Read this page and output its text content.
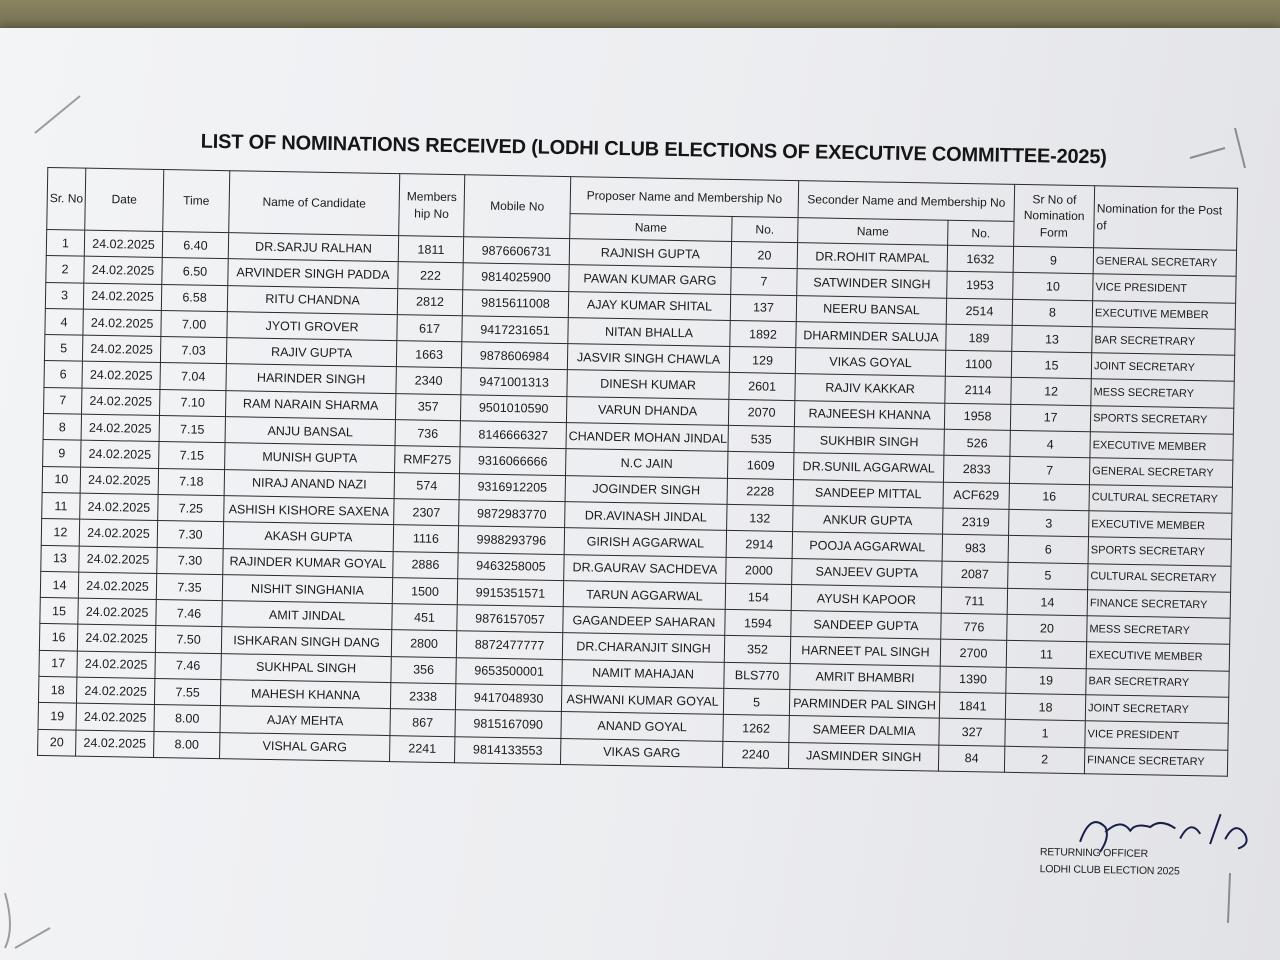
LIST OF NOMINATIONS RECEIVED (LODHI CLUB ELECTIONS OF EXECUTIVE COMMITTEE-2025)
Sr. No	Date	Time	Name of Candidate	Members hip No	Mobile No	Proposer Name and Membership No		Seconder Name and Membership No		Sr No of Nomination Form	Nomination for the Post of
						Name	No.	Name	No.		
1	24.02.2025	6.40	DR.SARJU RALHAN	1811	9876606731	RAJNISH GUPTA	20	DR.ROHIT RAMPAL	1632	9	GENERAL SECRETARY
2	24.02.2025	6.50	ARVINDER SINGH PADDA	222	9814025900	PAWAN KUMAR GARG	7	SATWINDER SINGH	1953	10	VICE PRESIDENT
3	24.02.2025	6.58	RITU CHANDNA	2812	9815611008	AJAY KUMAR SHITAL	137	NEERU BANSAL	2514	8	EXECUTIVE MEMBER
4	24.02.2025	7.00	JYOTI GROVER	617	9417231651	NITAN BHALLA	1892	DHARMINDER SALUJA	189	13	BAR SECRETRARY
5	24.02.2025	7.03	RAJIV GUPTA	1663	9878606984	JASVIR SINGH CHAWLA	129	VIKAS GOYAL	1100	15	JOINT SECRETARY
6	24.02.2025	7.04	HARINDER SINGH	2340	9471001313	DINESH KUMAR	2601	RAJIV KAKKAR	2114	12	MESS SECRETARY
7	24.02.2025	7.10	RAM NARAIN SHARMA	357	9501010590	VARUN DHANDA	2070	RAJNEESH KHANNA	1958	17	SPORTS SECRETARY
8	24.02.2025	7.15	ANJU BANSAL	736	8146666327	CHANDER MOHAN JINDAL	535	SUKHBIR SINGH	526	4	EXECUTIVE MEMBER
9	24.02.2025	7.15	MUNISH GUPTA	RMF275	9316066666	N.C JAIN	1609	DR.SUNIL AGGARWAL	2833	7	GENERAL SECRETARY
10	24.02.2025	7.18	NIRAJ ANAND NAZI	574	9316912205	JOGINDER SINGH	2228	SANDEEP MITTAL	ACF629	16	CULTURAL SECRETARY
11	24.02.2025	7.25	ASHISH KISHORE SAXENA	2307	9872983770	DR.AVINASH JINDAL	132	ANKUR GUPTA	2319	3	EXECUTIVE MEMBER
12	24.02.2025	7.30	AKASH GUPTA	1116	9988293796	GIRISH AGGARWAL	2914	POOJA AGGARWAL	983	6	SPORTS SECRETARY
13	24.02.2025	7.30	RAJINDER KUMAR GOYAL	2886	9463258005	DR.GAURAV SACHDEVA	2000	SANJEEV GUPTA	2087	5	CULTURAL SECRETARY
14	24.02.2025	7.35	NISHIT SINGHANIA	1500	9915351571	TARUN AGGARWAL	154	AYUSH KAPOOR	711	14	FINANCE SECRETARY
15	24.02.2025	7.46	AMIT JINDAL	451	9876157057	GAGANDEEP SAHARAN	1594	SANDEEP GUPTA	776	20	MESS SECRETARY
16	24.02.2025	7.50	ISHKARAN SINGH DANG	2800	8872477777	DR.CHARANJIT SINGH	352	HARNEET PAL SINGH	2700	11	EXECUTIVE MEMBER
17	24.02.2025	7.46	SUKHPAL SINGH	356	9653500001	NAMIT MAHAJAN	BLS770	AMRIT BHAMBRI	1390	19	BAR SECRETRARY
18	24.02.2025	7.55	MAHESH KHANNA	2338	9417048930	ASHWANI KUMAR GOYAL	5	PARMINDER PAL SINGH	1841	18	JOINT SECRETARY
19	24.02.2025	8.00	AJAY MEHTA	867	9815167090	ANAND GOYAL	1262	SAMEER DALMIA	327	1	VICE PRESIDENT
20	24.02.2025	8.00	VISHAL GARG	2241	9814133553	VIKAS GARG	2240	JASMINDER SINGH	84	2	FINANCE SECRETARY
RETURNING OFFICER
LODHI CLUB ELECTION 2025
